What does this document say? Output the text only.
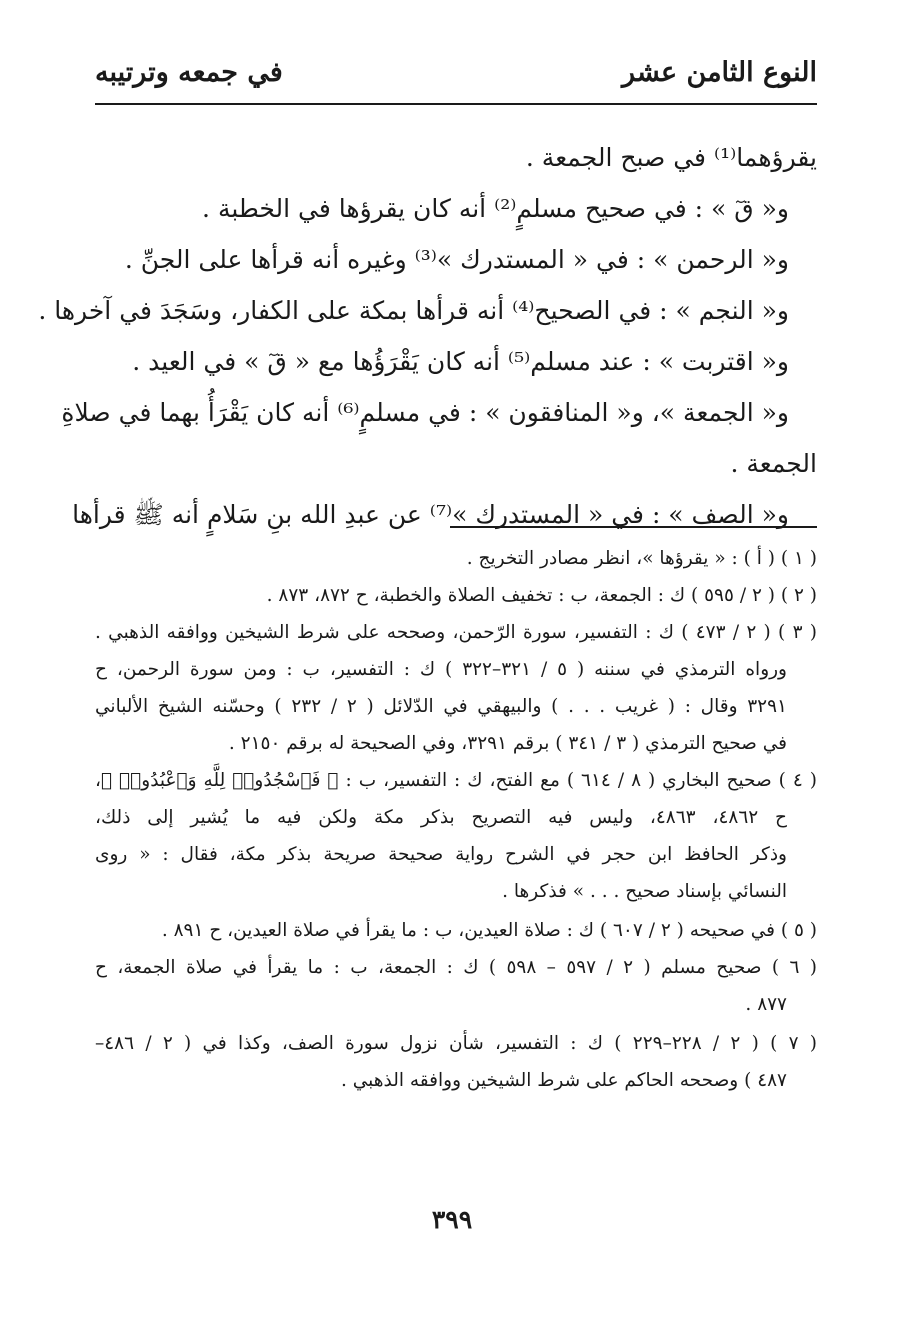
النوع الثامن عشر
في جمعه وترتيبه

يقرؤهما⁽¹⁾ في صبح الجمعة .

و« قٓ » : في صحيح مسلمٍ⁽²⁾ أنه كان يقرؤها في الخطبة .

و« الرحمن » : في « المستدرك »⁽³⁾ وغيره أنه قرأها على الجنِّ .

و« النجم » : في الصحيح⁽⁴⁾ أنه قرأها بمكة على الكفار، وسَجَدَ في آخرها .

و« اقتربت » : عند مسلم⁽⁵⁾ أنه كان يَقْرَؤُها مع « قٓ » في العيد .

و« الجمعة »، و« المنافقون » : في مسلمٍ⁽⁶⁾ أنه كان يَقْرَأُ بهما في صلاةِ

الجمعة .

و« الصف » : في « المستدرك »⁽⁷⁾ عن عبدِ الله بنِ سَلامٍ أنه ﷺ قرأها

( ١ ) ( أ ) : « يقرؤها »، انظر مصادر التخريج .

( ٢ ) ( ٢ / ٥٩٥ ) ك : الجمعة، ب : تخفيف الصلاة والخطبة، ح ٨٧٢، ٨٧٣ .

( ٣ ) ( ٢ / ٤٧٣ ) ك : التفسير، سورة الرّحمن، وصححه على شرط الشيخين ووافقه الذهبي .

ورواه الترمذي في سننه ( ٥ / ٣٢١–٣٢٢ ) ك : التفسير، ب : ومن سورة الرحمن، ح

٣٢٩١ وقال : ( غريب . . . ) والبيهقي في الدّلائل ( ٢ / ٢٣٢ ) وحسّنه الشيخ الألباني

في صحيح الترمذي ( ٣ / ٣٤١ ) برقم ٣٢٩١، وفي الصحيحة له برقم ٢١٥٠ .

( ٤ ) صحيح البخاري ( ٨ / ٦١٤ ) مع الفتح، ك : التفسير، ب : ﴿ فَٱسْجُدُوا۟ لِلَّهِ وَٱعْبُدُوا۟ ﴾،

ح ٤٨٦٢، ٤٨٦٣، وليس فيه التصريح بذكر مكة ولكن فيه ما يُشير إلى ذلك،

وذكر الحافظ ابن حجر في الشرح رواية صحيحة صريحة بذكر مكة، فقال : « روى

النسائي بإسناد صحيح . . . » فذكرها .

( ٥ ) في صحيحه ( ٢ / ٦٠٧ ) ك : صلاة العيدين، ب : ما يقرأ في صلاة العيدين، ح ٨٩١ .

( ٦ ) صحيح مسلم ( ٢ / ٥٩٧ – ٥٩٨ ) ك : الجمعة، ب : ما يقرأ في صلاة الجمعة، ح

٨٧٧ .

( ٧ ) ( ٢ / ٢٢٨–٢٢٩ ) ك : التفسير، شأن نزول سورة الصف، وكذا في ( ٢ / ٤٨٦–

٤٨٧ ) وصححه الحاكم على شرط الشيخين ووافقه الذهبي .

٣٩٩
